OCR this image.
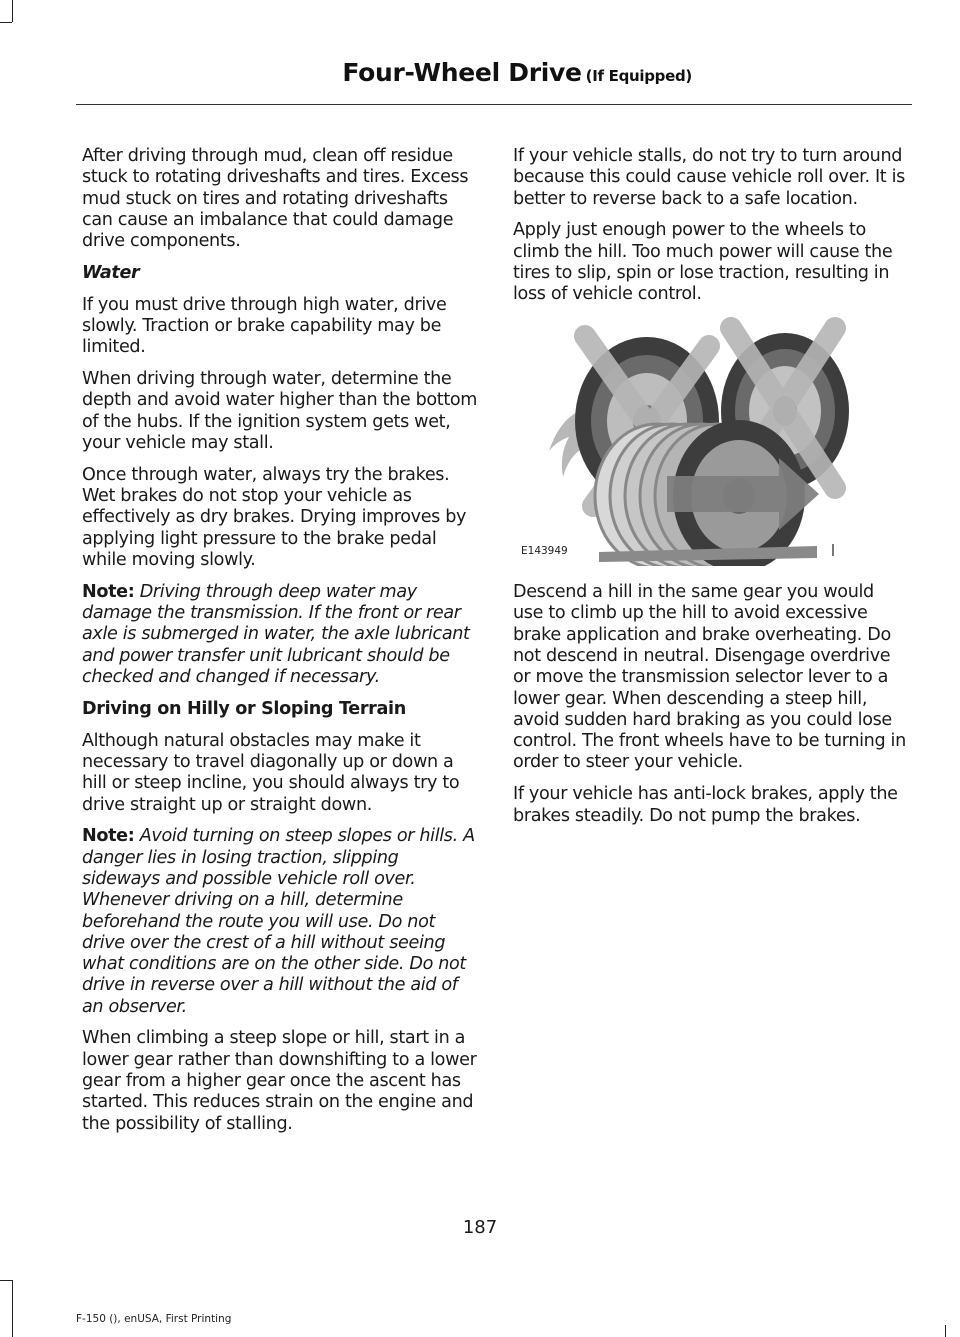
Four-Wheel Drive (If Equipped)

After driving through mud, clean off residue stuck to rotating driveshafts and tires. Excess mud stuck on tires and rotating driveshafts can cause an imbalance that could damage drive components.

Water

If you must drive through high water, drive slowly. Traction or brake capability may be limited.

When driving through water, determine the depth and avoid water higher than the bottom of the hubs. If the ignition system gets wet, your vehicle may stall.

Once through water, always try the brakes. Wet brakes do not stop your vehicle as effectively as dry brakes. Drying improves by applying light pressure to the brake pedal while moving slowly.

Note: Driving through deep water may damage the transmission. If the front or rear axle is submerged in water, the axle lubricant and power transfer unit lubricant should be checked and changed if necessary.

Driving on Hilly or Sloping Terrain

Although natural obstacles may make it necessary to travel diagonally up or down a hill or steep incline, you should always try to drive straight up or straight down.

Note: Avoid turning on steep slopes or hills. A danger lies in losing traction, slipping sideways and possible vehicle roll over. Whenever driving on a hill, determine beforehand the route you will use. Do not drive over the crest of a hill without seeing what conditions are on the other side. Do not drive in reverse over a hill without the aid of an observer.

When climbing a steep slope or hill, start in a lower gear rather than downshifting to a lower gear from a higher gear once the ascent has started. This reduces strain on the engine and the possibility of stalling.

If your vehicle stalls, do not try to turn around because this could cause vehicle roll over. It is better to reverse back to a safe location.

Apply just enough power to the wheels to climb the hill. Too much power will cause the tires to slip, spin or lose traction, resulting in loss of vehicle control.

E143949

Descend a hill in the same gear you would use to climb up the hill to avoid excessive brake application and brake overheating. Do not descend in neutral. Disengage overdrive or move the transmission selector lever to a lower gear. When descending a steep hill, avoid sudden hard braking as you could lose control. The front wheels have to be turning in order to steer your vehicle.

If your vehicle has anti-lock brakes, apply the brakes steadily. Do not pump the brakes.

187
F-150 (), enUSA, First Printing
